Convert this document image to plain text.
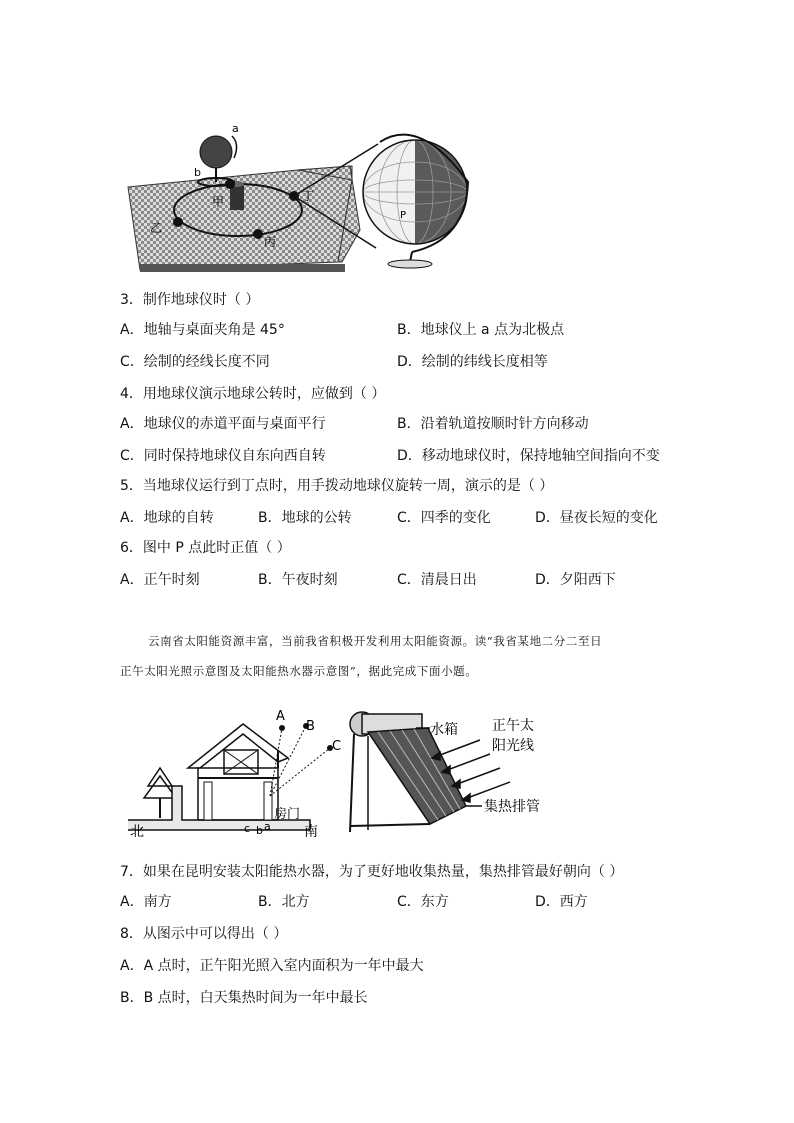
a
b
甲
乙
丙
丁
P
3．制作地球仪时（ ）
A．地轴与桌面夹角是 45°	B．地球仪上 a 点为北极点
C．绘制的经线长度不同	D．绘制的纬线长度相等
4．用地球仪演示地球公转时，应做到（ ）
A．地球仪的赤道平面与桌面平行	B．沿着轨道按顺时针方向移动
C．同时保持地球仪自东向西自转	D．移动地球仪时，保持地轴空间指向不变
5．当地球仪运行到丁点时，用手拨动地球仪旋转一周，演示的是（ ）
A．地球的自转	B．地球的公转	C．四季的变化	D．昼夜长短的变化
6．图中 P 点此时正值（ ）
A．正午时刻	B．午夜时刻	C．清晨日出	D．夕阳西下
云南省太阳能资源丰富，当前我省积极开发利用太阳能资源。读“我省某地二分二至日
正午太阳光照示意图及太阳能热水器示意图”，据此完成下面小题。
A
B
C
房门
c b a
北	南
水箱 正午太
阳光线
集热排管
7．如果在昆明安装太阳能热水器，为了更好地收集热量，集热排管最好朝向（ ）
A．南方	B．北方	C．东方	D．西方
8．从图示中可以得出（ ）
A．A 点时，正午阳光照入室内面积为一年中最大
B．B 点时，白天集热时间为一年中最长
